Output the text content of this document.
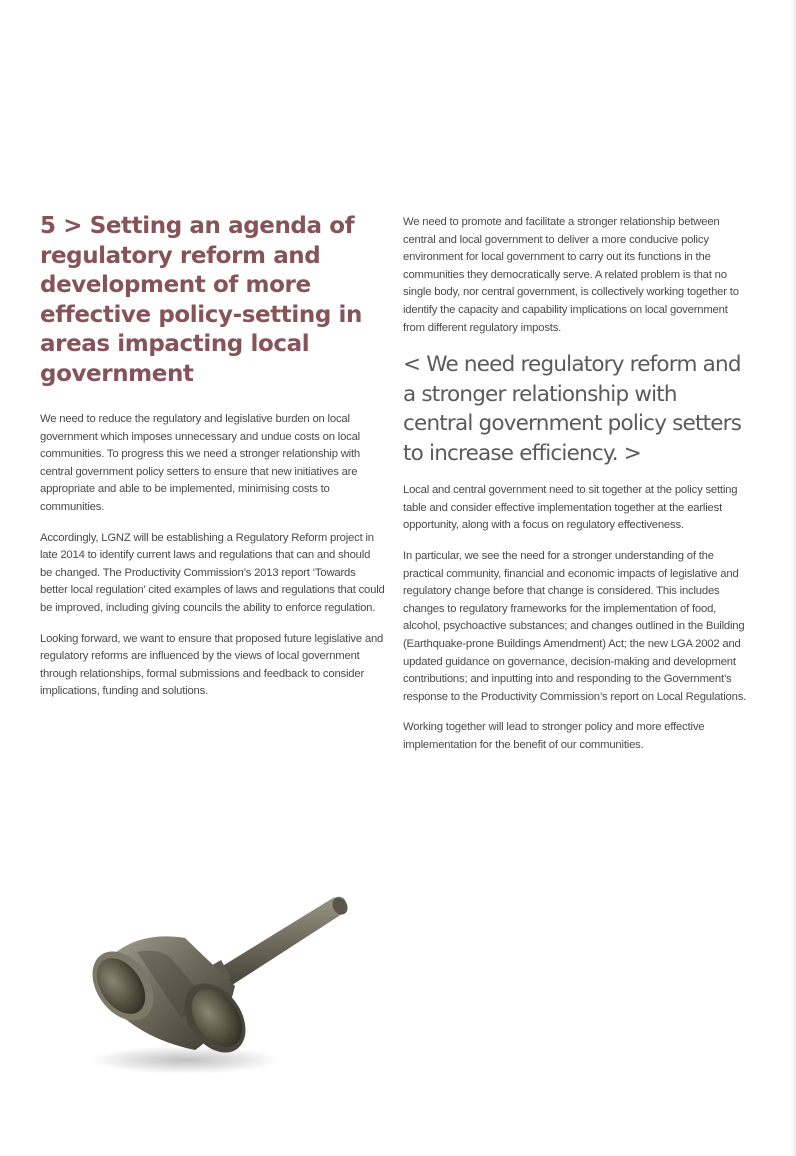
5 > Setting an agenda of regulatory reform and development of more effective policy-setting in areas impacting local government

We need to reduce the regulatory and legislative burden on local government which imposes unnecessary and undue costs on local communities. To progress this we need a stronger relationship with central government policy setters to ensure that new initiatives are appropriate and able to be implemented, minimising costs to communities.

Accordingly, LGNZ will be establishing a Regulatory Reform project in late 2014 to identify current laws and regulations that can and should be changed. The Productivity Commission’s 2013 report ‘Towards better local regulation’ cited examples of laws and regulations that could be improved, including giving councils the ability to enforce regulation.

Looking forward, we want to ensure that proposed future legislative and regulatory reforms are influenced by the views of local government through relationships, formal submissions and feedback to consider implications, funding and solutions.

We need to promote and facilitate a stronger relationship between central and local government to deliver a more conducive policy environment for local government to carry out its functions in the communities they democratically serve. A related problem is that no single body, nor central government, is collectively working together to identify the capacity and capability implications on local government from different regulatory imposts.

< We need regulatory reform and a stronger relationship with central government policy setters to increase efficiency. >

Local and central government need to sit together at the policy setting table and consider effective implementation together at the earliest opportunity, along with a focus on regulatory effectiveness.

In particular, we see the need for a stronger understanding of the practical community, financial and economic impacts of legislative and regulatory change before that change is considered. This includes changes to regulatory frameworks for the implementation of food, alcohol, psychoactive substances; and changes outlined in the Building (Earthquake-prone Buildings Amendment) Act; the new LGA 2002 and updated guidance on governance, decision-making and development contributions; and inputting into and responding to the Government’s response to the Productivity Commission’s report on Local Regulations.

Working together will lead to stronger policy and more effective implementation for the benefit of our communities.
